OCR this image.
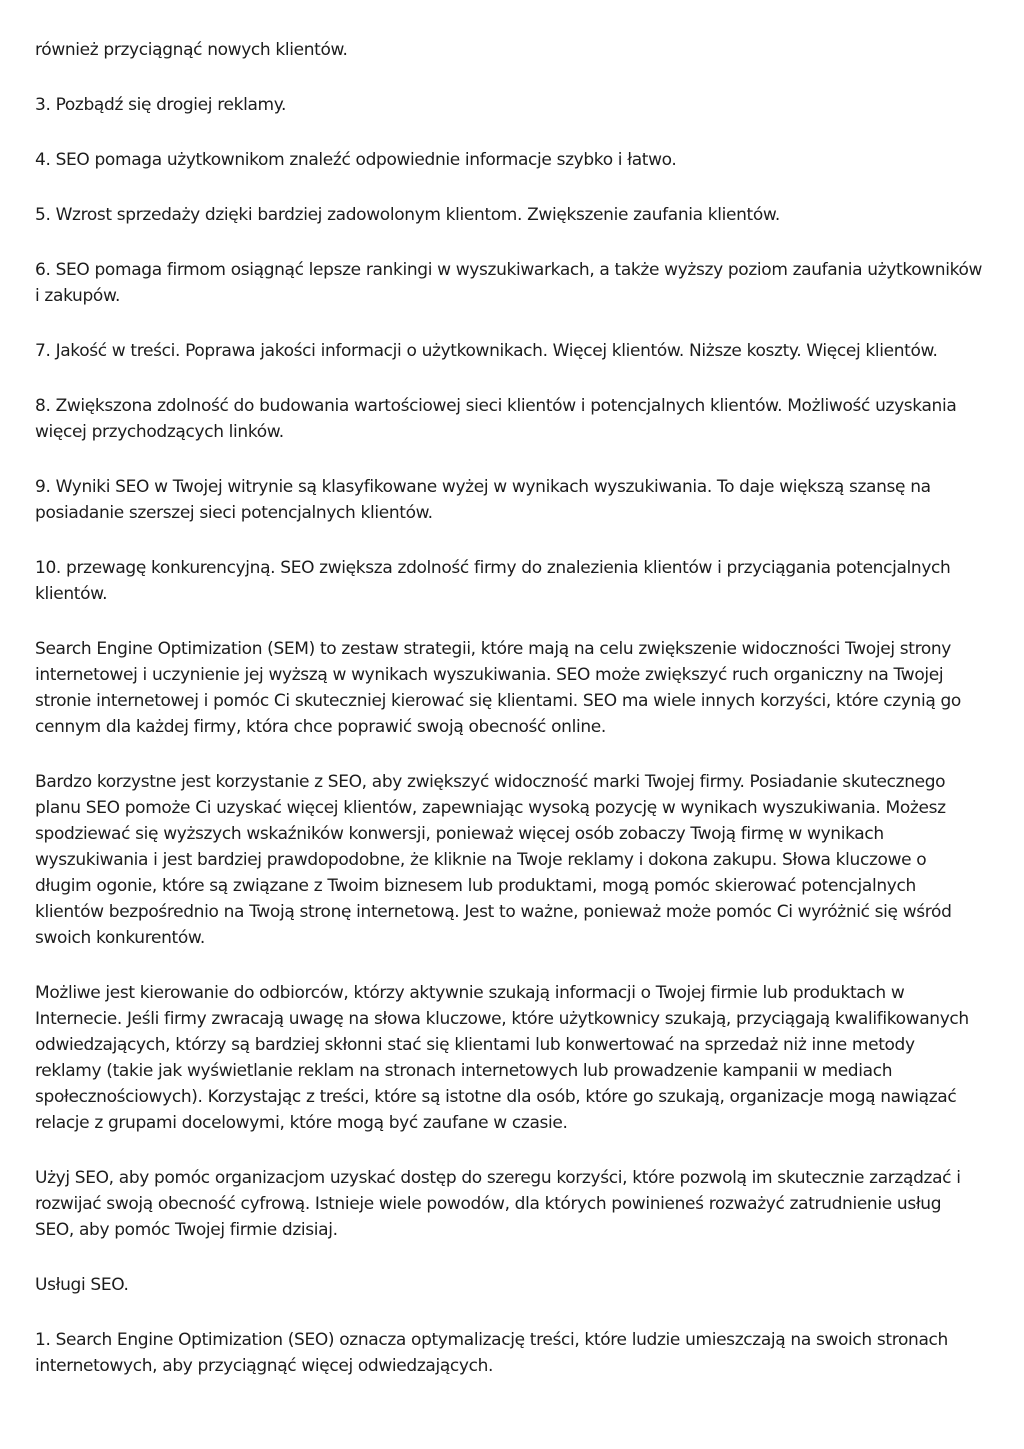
również przyciągnąć nowych klientów.

3. Pozbądź się drogiej reklamy.

4. SEO pomaga użytkownikom znaleźć odpowiednie informacje szybko i łatwo.

5. Wzrost sprzedaży dzięki bardziej zadowolonym klientom. Zwiększenie zaufania klientów.

6. SEO pomaga firmom osiągnąć lepsze rankingi w wyszukiwarkach, a także wyższy poziom zaufania użytkowników i zakupów.

7. Jakość w treści. Poprawa jakości informacji o użytkownikach. Więcej klientów. Niższe koszty. Więcej klientów.

8. Zwiększona zdolność do budowania wartościowej sieci klientów i potencjalnych klientów. Możliwość uzyskania więcej przychodzących linków.

9. Wyniki SEO w Twojej witrynie są klasyfikowane wyżej w wynikach wyszukiwania. To daje większą szansę na posiadanie szerszej sieci potencjalnych klientów.

10. przewagę konkurencyjną. SEO zwiększa zdolność firmy do znalezienia klientów i przyciągania potencjalnych klientów.

Search Engine Optimization (SEM) to zestaw strategii, które mają na celu zwiększenie widoczności Twojej strony internetowej i uczynienie jej wyższą w wynikach wyszukiwania. SEO może zwiększyć ruch organiczny na Twojej stronie internetowej i pomóc Ci skuteczniej kierować się klientami. SEO ma wiele innych korzyści, które czynią go cennym dla każdej firmy, która chce poprawić swoją obecność online.

Bardzo korzystne jest korzystanie z SEO, aby zwiększyć widoczność marki Twojej firmy. Posiadanie skutecznego planu SEO pomoże Ci uzyskać więcej klientów, zapewniając wysoką pozycję w wynikach wyszukiwania. Możesz spodziewać się wyższych wskaźników konwersji, ponieważ więcej osób zobaczy Twoją firmę w wynikach wyszukiwania i jest bardziej prawdopodobne, że kliknie na Twoje reklamy i dokona zakupu. Słowa kluczowe o długim ogonie, które są związane z Twoim biznesem lub produktami, mogą pomóc skierować potencjalnych klientów bezpośrednio na Twoją stronę internetową. Jest to ważne, ponieważ może pomóc Ci wyróżnić się wśród swoich konkurentów.

Możliwe jest kierowanie do odbiorców, którzy aktywnie szukają informacji o Twojej firmie lub produktach w Internecie. Jeśli firmy zwracają uwagę na słowa kluczowe, które użytkownicy szukają, przyciągają kwalifikowanych odwiedzających, którzy są bardziej skłonni stać się klientami lub konwertować na sprzedaż niż inne metody reklamy (takie jak wyświetlanie reklam na stronach internetowych lub prowadzenie kampanii w mediach społecznościowych). Korzystając z treści, które są istotne dla osób, które go szukają, organizacje mogą nawiązać relacje z grupami docelowymi, które mogą być zaufane w czasie.

Użyj SEO, aby pomóc organizacjom uzyskać dostęp do szeregu korzyści, które pozwolą im skutecznie zarządzać i rozwijać swoją obecność cyfrową. Istnieje wiele powodów, dla których powinieneś rozważyć zatrudnienie usług SEO, aby pomóc Twojej firmie dzisiaj.

Usługi SEO.

1. Search Engine Optimization (SEO) oznacza optymalizację treści, które ludzie umieszczają na swoich stronach internetowych, aby przyciągnąć więcej odwiedzających.
